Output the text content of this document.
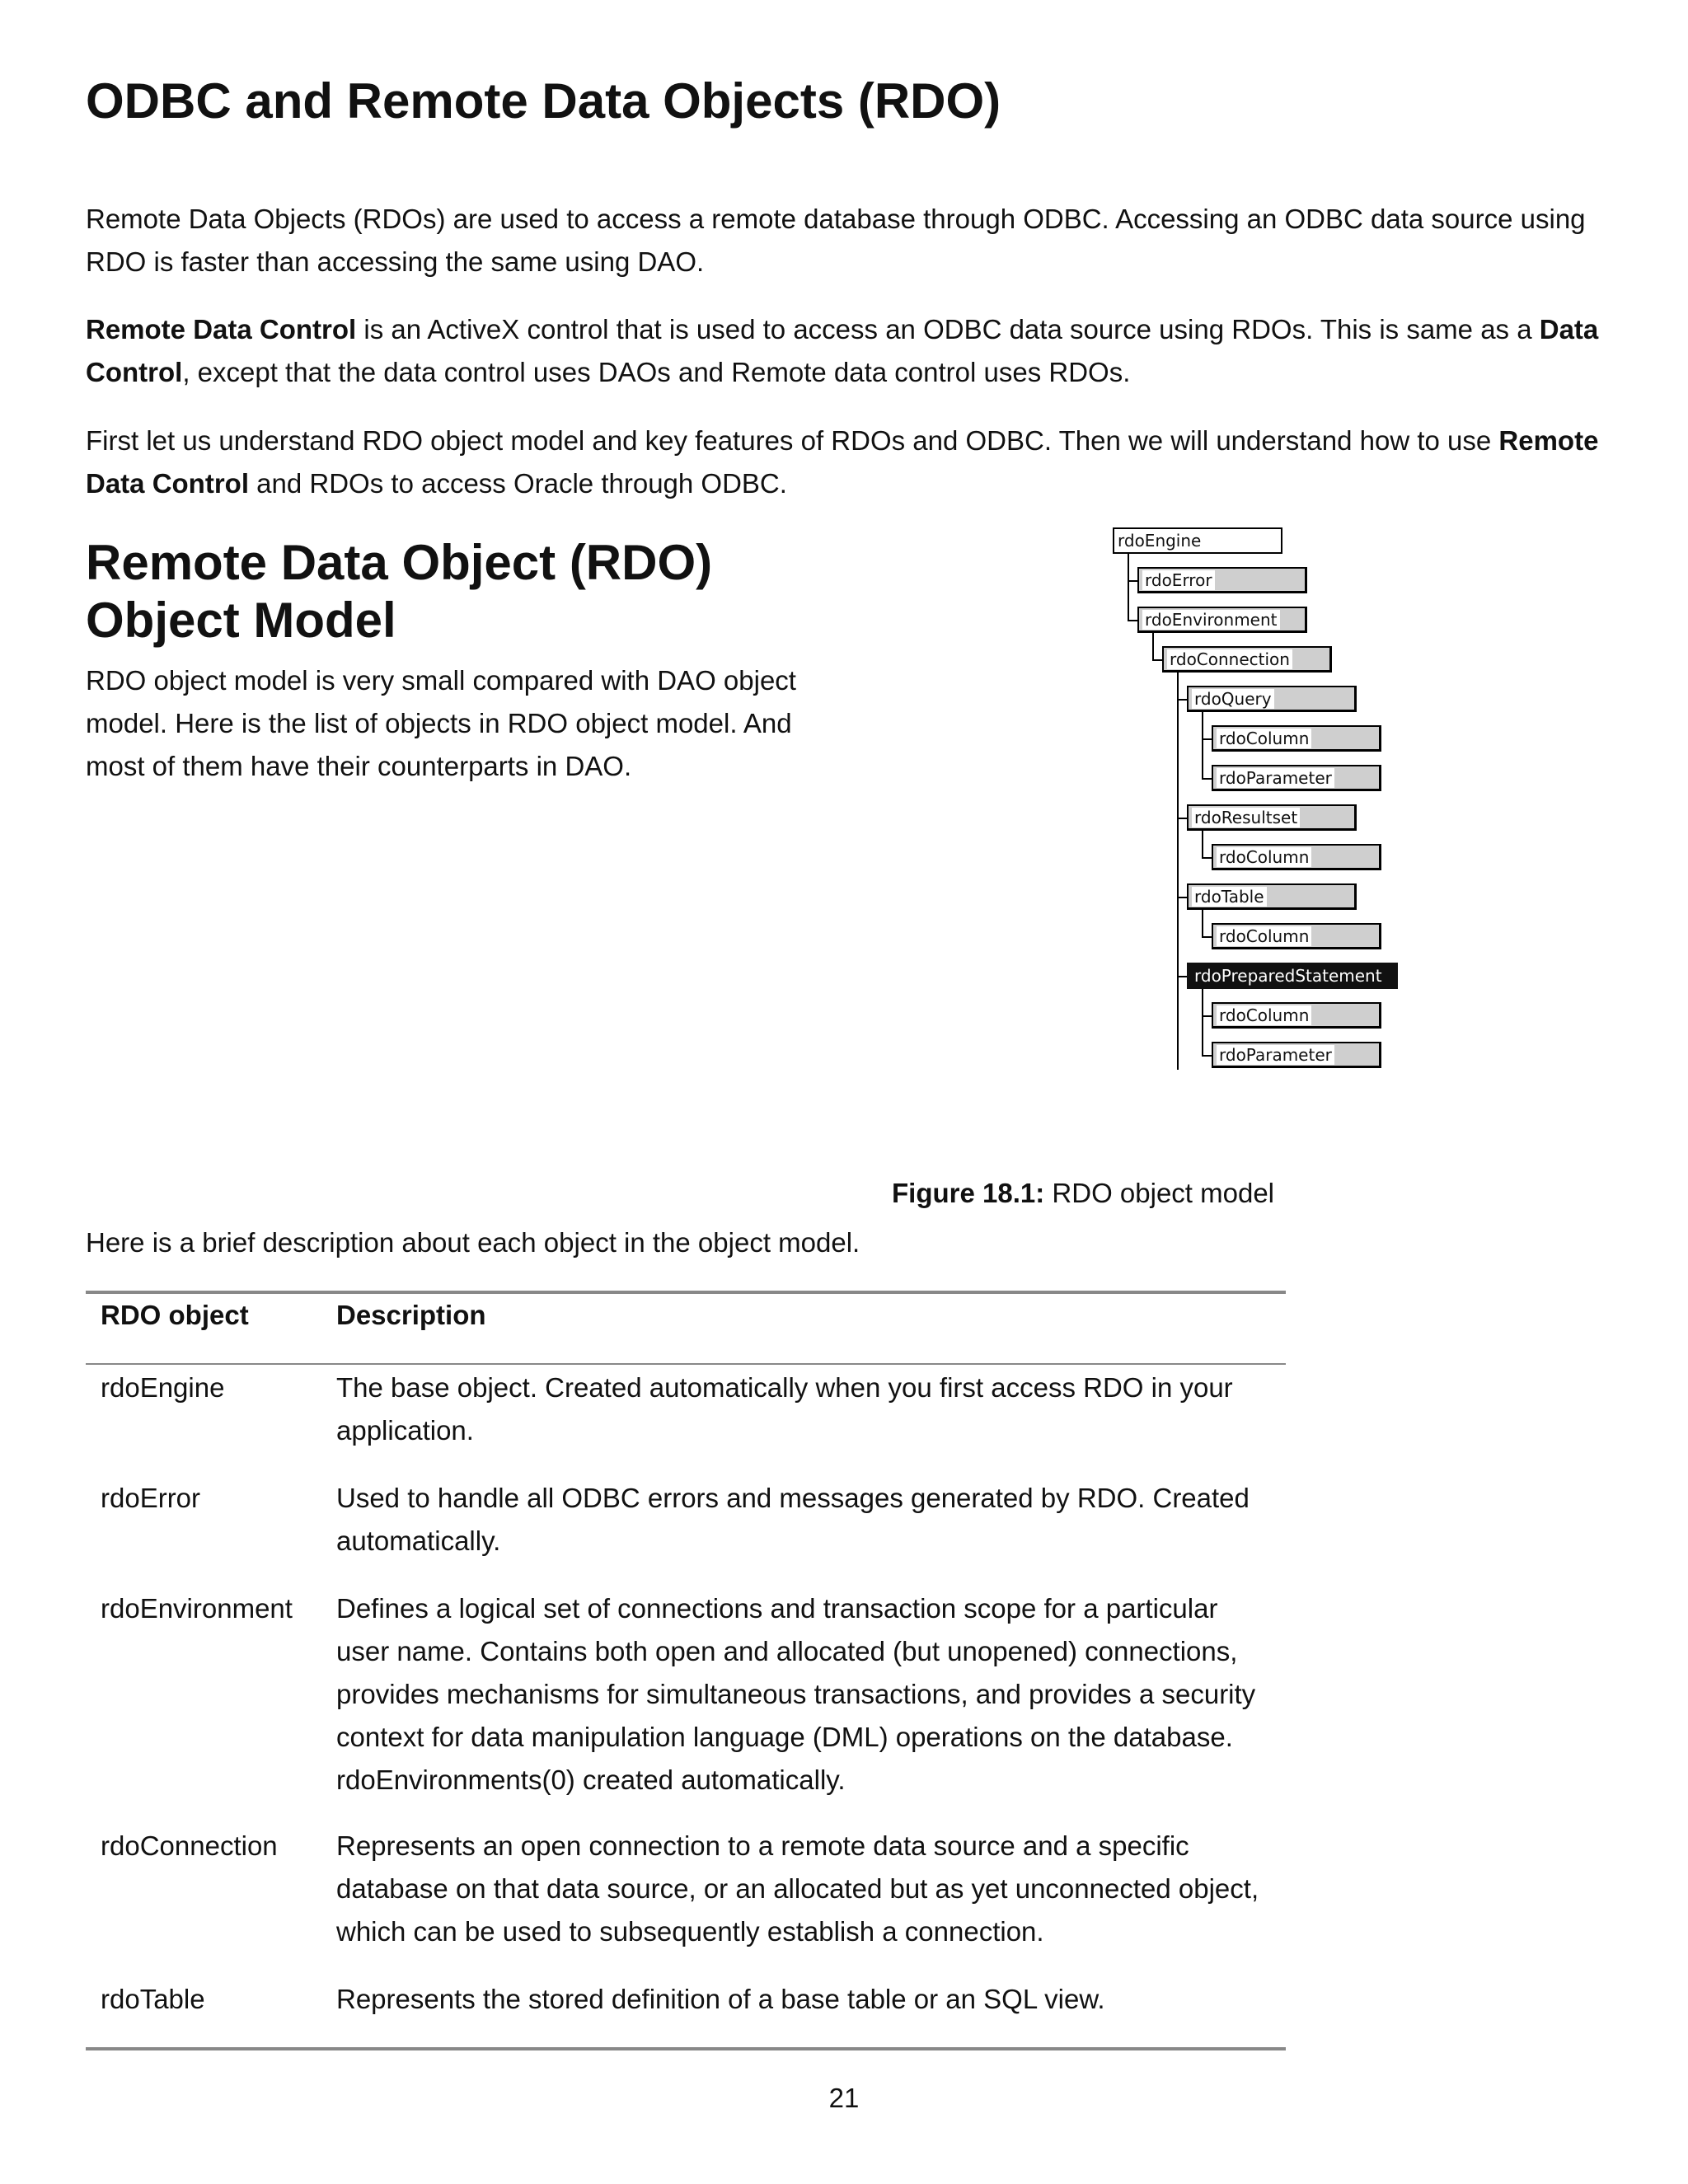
ODBC and Remote Data Objects (RDO)

Remote Data Objects (RDOs) are used to access a remote database through ODBC. Accessing an ODBC data source using RDO is faster than accessing the same using DAO.

Remote Data Control is an ActiveX control that is used to access an ODBC data source using RDOs. This is same as a Data Control, except that the data control uses DAOs and Remote data control uses RDOs.

First let us understand RDO object model and key features of RDOs and ODBC. Then we will understand how to use Remote Data Control and RDOs to access Oracle through ODBC.

Remote Data Object (RDO)
Object Model

RDO object model is very small compared with DAO object model. Here is the list of objects in RDO object model. And most of them have their counterparts in DAO.

rdoEngine
rdoError
rdoEnvironment
rdoConnection
rdoQuery
rdoColumn
rdoParameter
rdoResultset
rdoColumn
rdoTable
rdoColumn
rdoPreparedStatement
rdoColumn
rdoParameter

Figure 18.1: RDO object model

Here is a brief description about each object in the object model.

RDO object	Description
rdoEngine	The base object. Created automatically when you first access RDO in your application.
rdoError	Used to handle all ODBC errors and messages generated by RDO. Created automatically.
rdoEnvironment Defines a logical set of connections and transaction scope for a particular user name. Contains both open and allocated (but unopened) connections, provides mechanisms for simultaneous transactions, and provides a security context for data manipulation language (DML) operations on the database. rdoEnvironments(0) created automatically.
rdoConnection Represents an open connection to a remote data source and a specific database on that data source, or an allocated but as yet unconnected object, which can be used to subsequently establish a connection.
rdoTable	Represents the stored definition of a base table or an SQL view.
21
